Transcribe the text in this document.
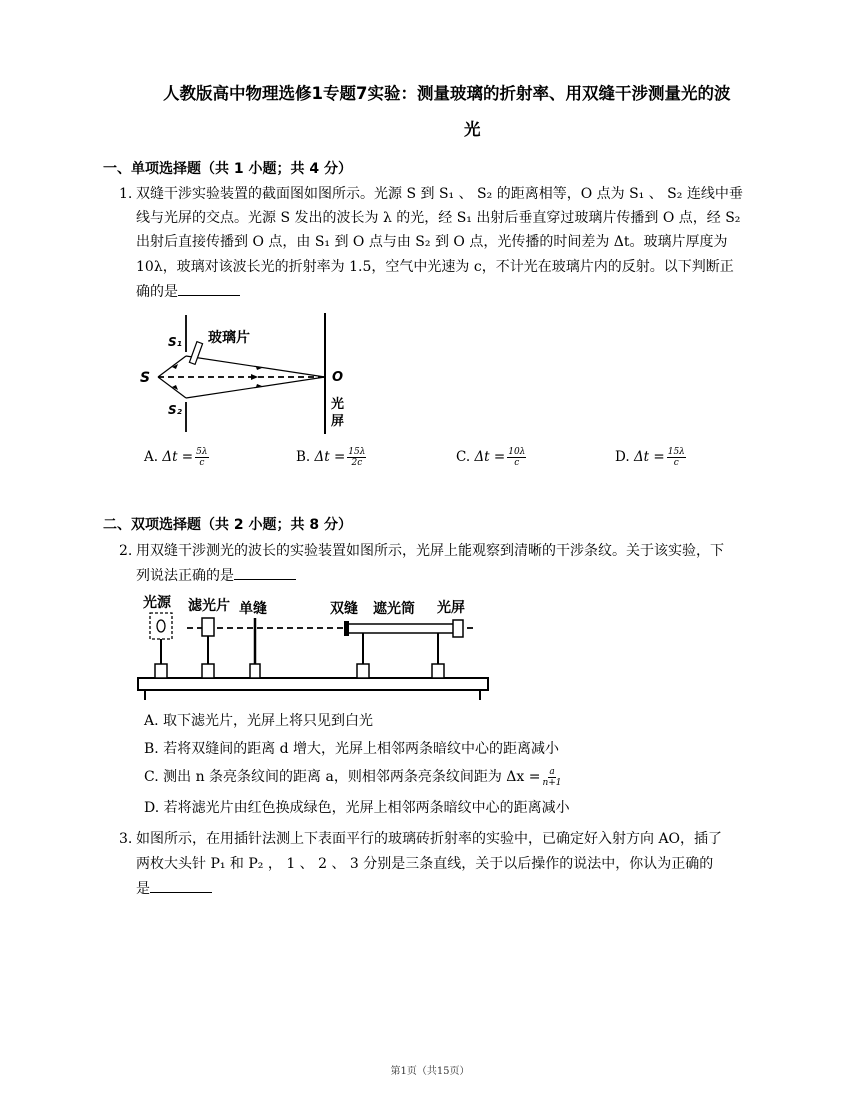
人教版高中物理选修1专题7实验：测量玻璃的折射率、用双缝干涉测量光的波
光
一、单项选择题（共 1 小题；共 4 分）
1. 双缝干涉实验装置的截面图如图所示。光源 S 到 S₁ 、 S₂ 的距离相等，O 点为 S₁ 、 S₂ 连线中垂
线与光屏的交点。光源 S 发出的波长为 λ 的光，经 S₁ 出射后垂直穿过玻璃片传播到 O 点，经 S₂
出射后直接传播到 O 点，由 S₁ 到 O 点与由 S₂ 到 O 点，光传播的时间差为 Δt。玻璃片厚度为
10λ，玻璃对该波长光的折射率为 1.5，空气中光速为 c，不计光在玻璃片内的反射。以下判断正
确的是
S
S₁
S₂
玻璃片
O
光
屏
A. $\Delta t = \frac{5\lambda}{c}$	B. $\Delta t = \frac{15\lambda}{2c}$	C. $\Delta t = \frac{10\lambda}{c}$	D. $\Delta t = \frac{15\lambda}{c}$
二、双项选择题（共 2 小题；共 8 分）
2. 用双缝干涉测光的波长的实验装置如图所示，光屏上能观察到清晰的干涉条纹。关于该实验，下
列说法正确的是
光源 滤光片 单缝	双缝 遮光筒 光屏
A. 取下滤光片，光屏上将只见到白光
B. 若将双缝间的距离 d 增大，光屏上相邻两条暗纹中心的距离减小
C. 测出 n 条亮条纹间的距离 a，则相邻两条亮条纹间距为 $\Delta x = \frac{a}{n+1}$
D. 若将滤光片由红色换成绿色，光屏上相邻两条暗纹中心的距离减小
3. 如图所示，在用插针法测上下表面平行的玻璃砖折射率的实验中，已确定好入射方向 AO，插了
两枚大头针 P₁ 和 P₂ ， 1 、 2 、 3 分别是三条直线，关于以后操作的说法中，你认为正确的
是
第1页（共15页）
